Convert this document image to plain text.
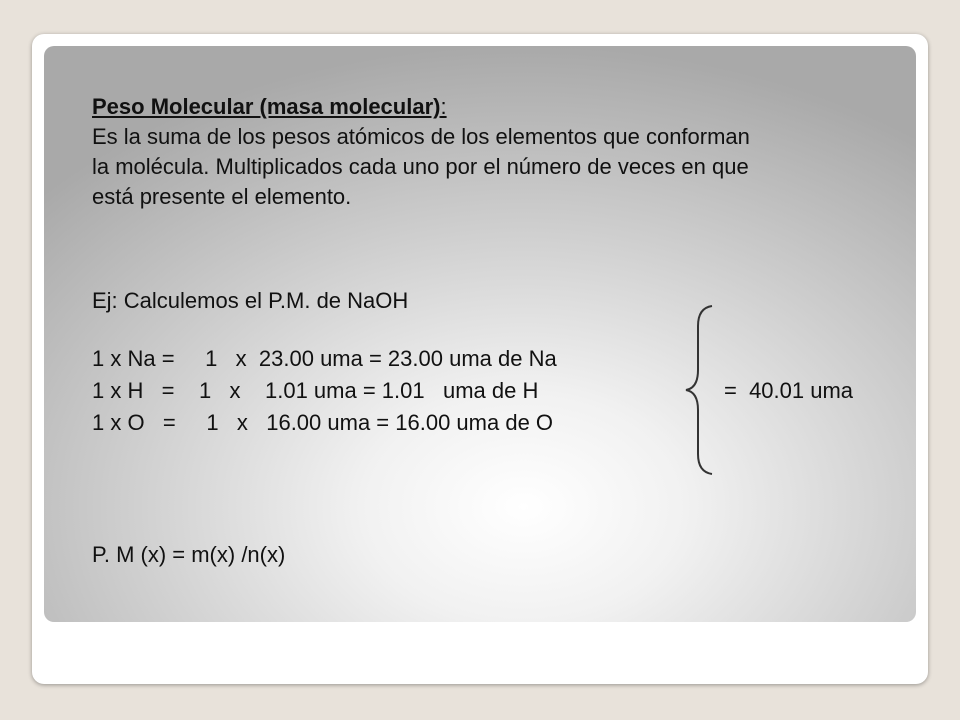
Peso Molecular (masa molecular):
Es la suma de los pesos atómicos de los elementos que conforman
la molécula. Multiplicados cada uno por el número de veces en que
está presente el elemento.
Ej: Calculemos el P.M. de NaOH
1 x Na =     1   x  23.00 uma = 23.00 uma de Na
1 x H   =    1   x    1.01 uma = 1.01   uma de H
1 x O   =     1   x   16.00 uma = 16.00 uma de O
=  40.01 uma
P. M (x) = m(x) /n(x)
